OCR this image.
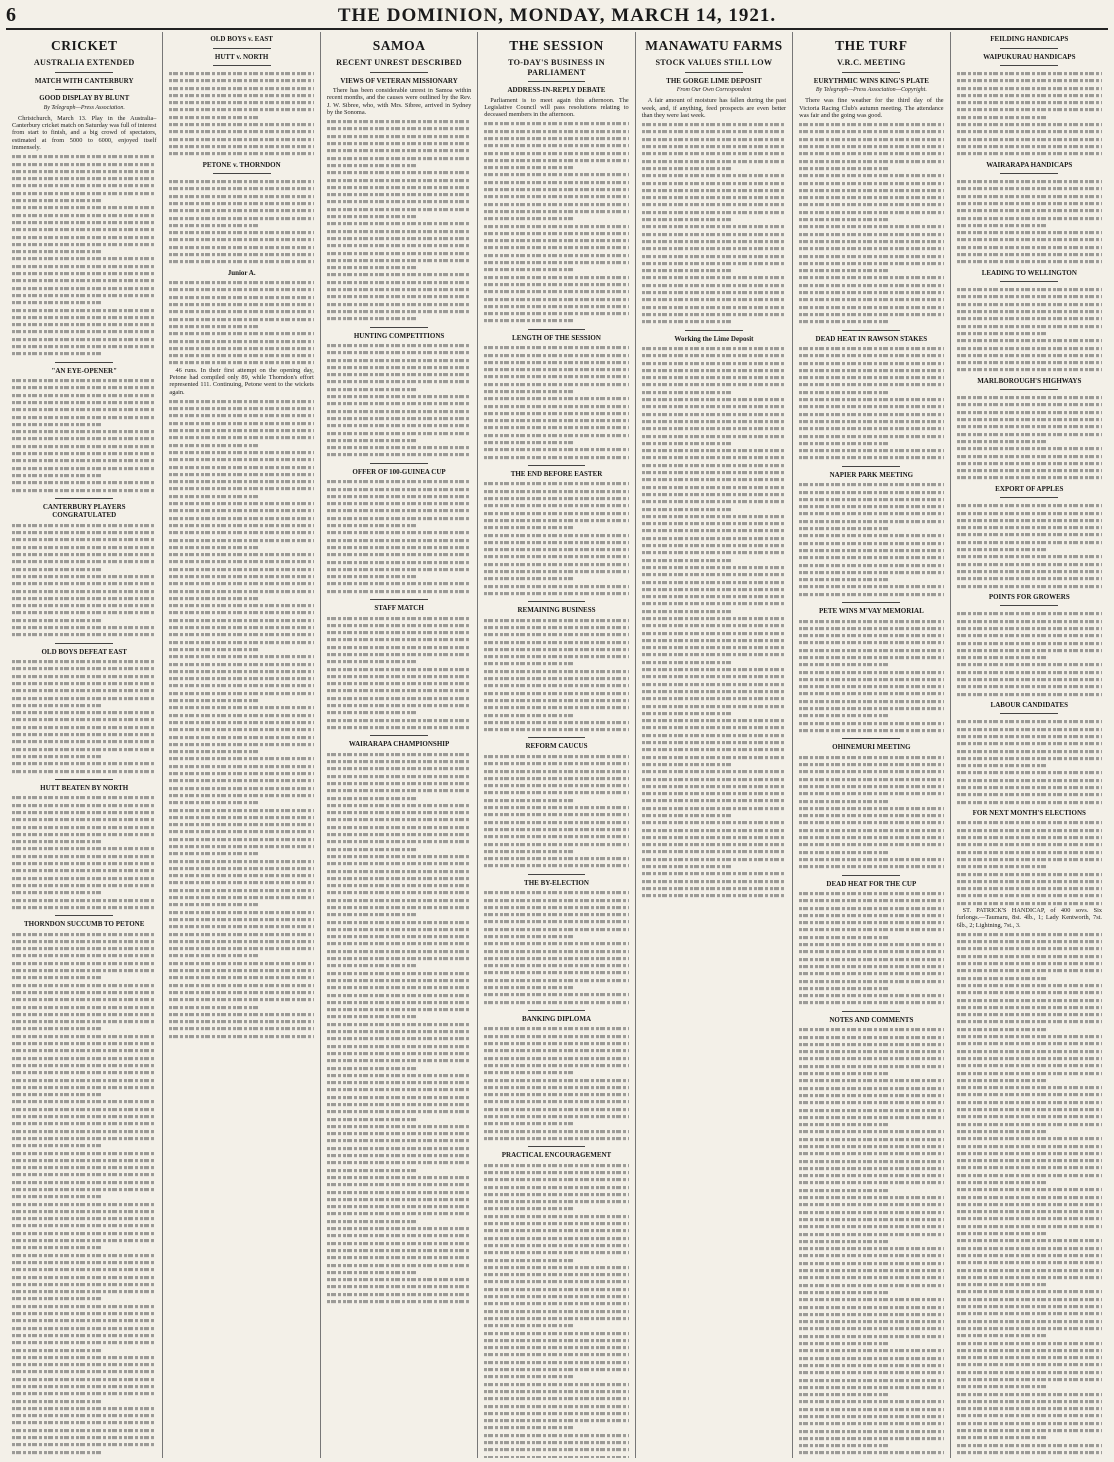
6	THE DOMINION, MONDAY, MARCH 14, 1921.
CRICKET
AUSTRALIA EXTENDED
MATCH WITH CANTERBURY
GOOD DISPLAY BY BLUNT
By Telegraph—Press Association.

Christchurch, March 13. Play in the Australia–Canterbury cricket match on Saturday was full of interest from start to finish, and a big crowd of spectators, estimated at from 5000 to 6000, enjoyed itself immensely.

"AN EYE-OPENER"
CANTERBURY PLAYERS CONGRATULATED
OLD BOYS DEFEAT EAST
HUTT BEATEN BY NORTH
THORNDON SUCCUMB TO PETONE
OLD BOYS v. EAST
HUTT v. NORTH
PETONE v. THORNDON
Junior A.

46 runs. In their first attempt on the opening day, Petone had compiled only 89, while Thorndon's effort represented 111. Continuing, Petone went to the wickets again.

SAMOA
RECENT UNREST DESCRIBED
VIEWS OF VETERAN MISSIONARY

There has been considerable unrest in Samoa within recent months, and the causes were outlined by the Rev. J. W. Sibree, who, with Mrs. Sibree, arrived in Sydney by the Sonoma.

HUNTING COMPETITIONS
OFFER OF 100-GUINEA CUP
STAFF MATCH
WAIRARAPA CHAMPIONSHIP
THE SESSION
TO-DAY'S BUSINESS IN PARLIAMENT
ADDRESS-IN-REPLY DEBATE

Parliament is to meet again this afternoon. The Legislative Council will pass resolutions relating to deceased members in the afternoon.

LENGTH OF THE SESSION
THE END BEFORE EASTER
REMAINING BUSINESS
REFORM CAUCUS
THE BY-ELECTION
BANKING DIPLOMA
PRACTICAL ENCOURAGEMENT
MANAWATU FARMS
STOCK VALUES STILL LOW
THE GORGE LIME DEPOSIT
From Our Own Correspondent

A fair amount of moisture has fallen during the past week, and, if anything, feed prospects are even better than they were last week.

Working the Lime Deposit
THE TURF
V.R.C. MEETING
EURYTHMIC WINS KING'S PLATE
By Telegraph—Press Association—Copyright.

There was fine weather for the third day of the Victoria Racing Club's autumn meeting. The attendance was fair and the going was good.

DEAD HEAT IN RAWSON STAKES
NAPIER PARK MEETING
PETE WINS M'VAY MEMORIAL
OHINEMURI MEETING
DEAD HEAT FOR THE CUP
NOTES AND COMMENTS
FEILDING HANDICAPS
WAIPUKURAU HANDICAPS
WAIRARAPA HANDICAPS
LEADING TO WELLINGTON
MARLBOROUGH'S HIGHWAYS
EXPORT OF APPLES
POINTS FOR GROWERS
LABOUR CANDIDATES
FOR NEXT MONTH'S ELECTIONS

ST. PATRICK'S HANDICAP, of 400 sovs. Six furlongs.—Taumaru, 8st. 4lb., 1; Lady Kentworth, 7st. 6lb., 2; Lightning, 7st., 3.
